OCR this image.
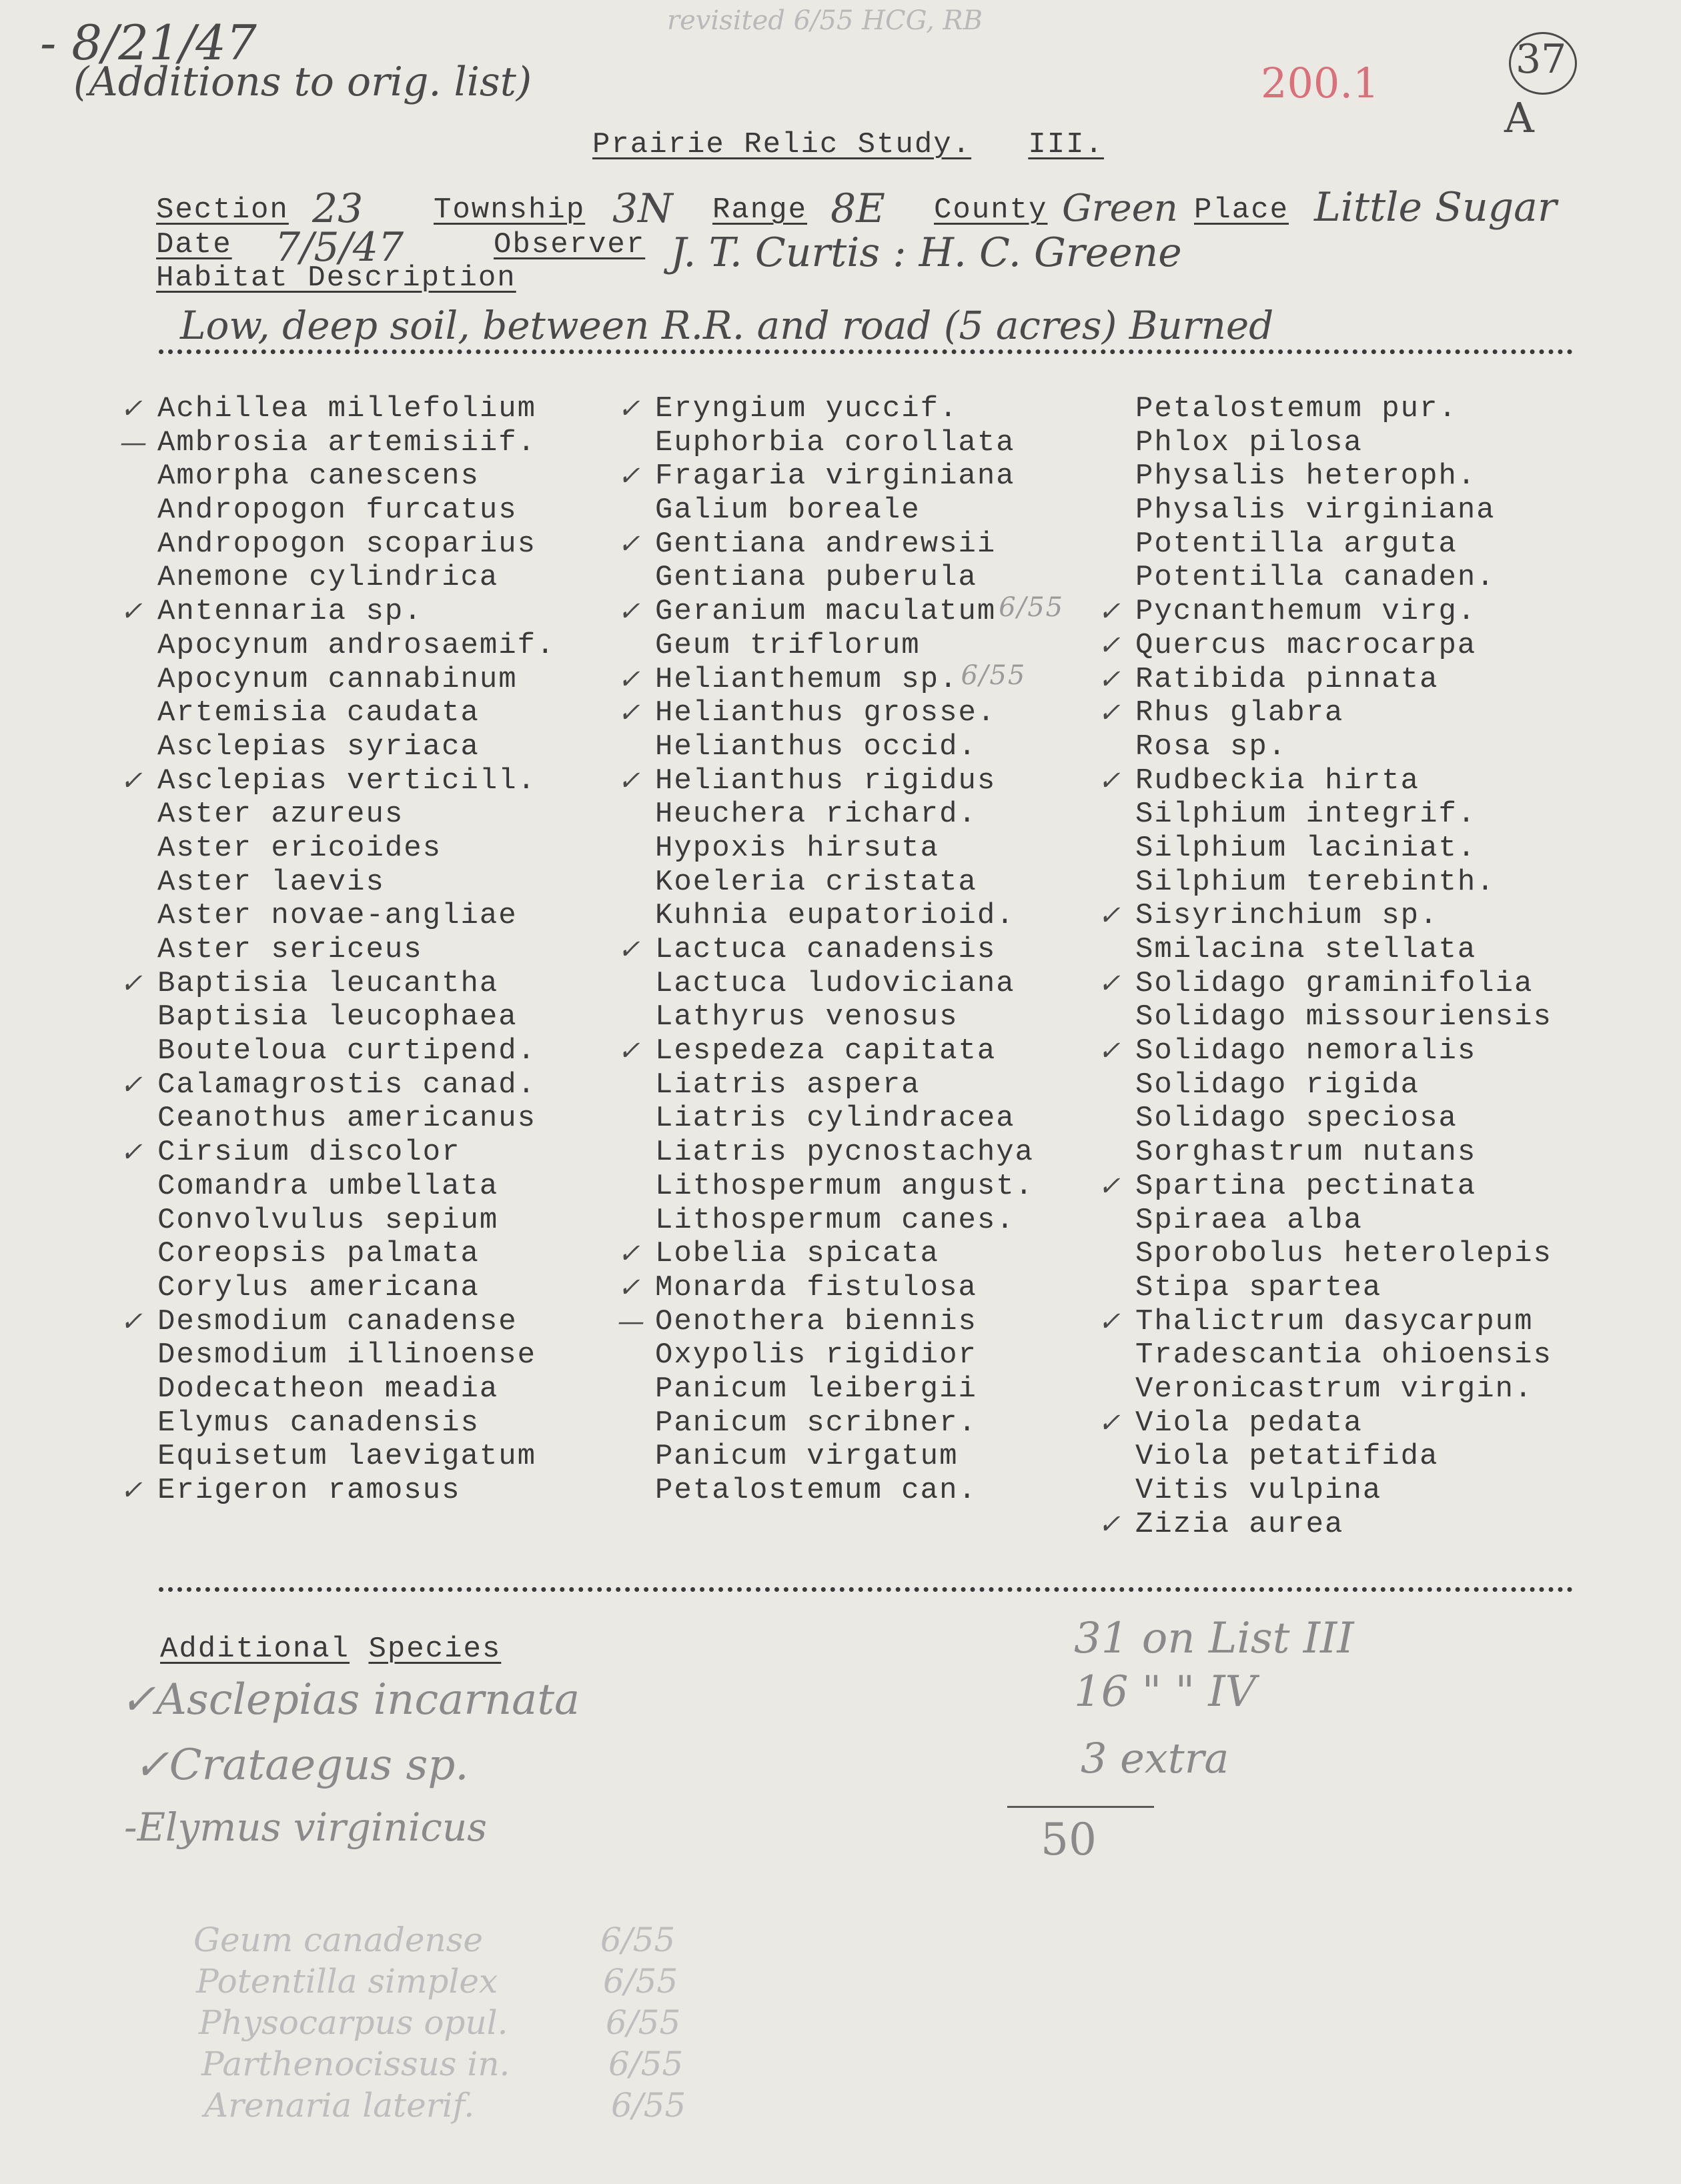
- 8/21/47
(Additions to orig. list)
revisited 6/55 HCG, RB
200.1	37
A
Prairie Relic Study. III.
Section 23 Township 3N Range 8E County Green Place Little Sugar
Date 7/5/47	Observer J. T. Curtis : H. C. Greene
Habitat Description
Low, deep soil, between R.R. and road (5 acres) Burned
✓ Achillea millefolium
— Ambrosia artemisiif.
Amorpha canescens
Andropogon furcatus
Andropogon scoparius
Anemone cylindrica
✓ Antennaria sp.
Apocynum androsaemif.
Apocynum cannabinum
Artemisia caudata
Asclepias syriaca
✓ Asclepias verticill.
Aster azureus
Aster ericoides
Aster laevis
Aster novae-angliae
Aster sericeus
✓ Baptisia leucantha
Baptisia leucophaea
Bouteloua curtipend.
✓ Calamagrostis canad.
Ceanothus americanus
✓ Cirsium discolor
Comandra umbellata
Convolvulus sepium
Coreopsis palmata
Corylus americana
✓ Desmodium canadense
Desmodium illinoense
Dodecatheon meadia
Elymus canadensis
Equisetum laevigatum
✓ Erigeron ramosus
✓ Eryngium yuccif.
Euphorbia corollata
✓ Fragaria virginiana
Galium boreale
✓ Gentiana andrewsii
Gentiana puberula
✓ Geranium maculatum 6/55
Geum triflorum
✓ Helianthemum sp. 6/55
✓ Helianthus grosse.
Helianthus occid.
✓ Helianthus rigidus
Heuchera richard.
Hypoxis hirsuta
Koeleria cristata
Kuhnia eupatorioid.
✓ Lactuca canadensis
Lactuca ludoviciana
Lathyrus venosus
✓ Lespedeza capitata
Liatris aspera
Liatris cylindracea
Liatris pycnostachya
Lithospermum angust.
Lithospermum canes.
✓ Lobelia spicata
✓ Monarda fistulosa
— Oenothera biennis
Oxypolis rigidior
Panicum leibergii
Panicum scribner.
Panicum virgatum
Petalostemum can.
Petalostemum pur.
Phlox pilosa
Physalis heteroph.
Physalis virginiana
Potentilla arguta
Potentilla canaden.
✓ Pycnanthemum virg.
✓ Quercus macrocarpa
✓ Ratibida pinnata
✓ Rhus glabra
Rosa sp.
✓ Rudbeckia hirta
Silphium integrif.
Silphium laciniat.
Silphium terebinth.
✓ Sisyrinchium sp.
Smilacina stellata
✓ Solidago graminifolia
Solidago missouriensis
✓ Solidago nemoralis
Solidago rigida
Solidago speciosa
Sorghastrum nutans
✓ Spartina pectinata
Spiraea alba
Sporobolus heterolepis
Stipa spartea
✓ Thalictrum dasycarpum
Tradescantia ohioensis
Veronicastrum virgin.
✓ Viola pedata
Viola petatifida
Vitis vulpina
✓ Zizia aurea
Additional Species
✓Asclepias incarnata
✓Crataegus sp.
-Elymus virginicus
31 on List III
16 " " IV
3 extra
50
Geum canadense	6/55
Potentilla simplex	6/55
Physocarpus opul.	6/55
Parthenocissus in.	6/55
Arenaria laterif.	6/55
